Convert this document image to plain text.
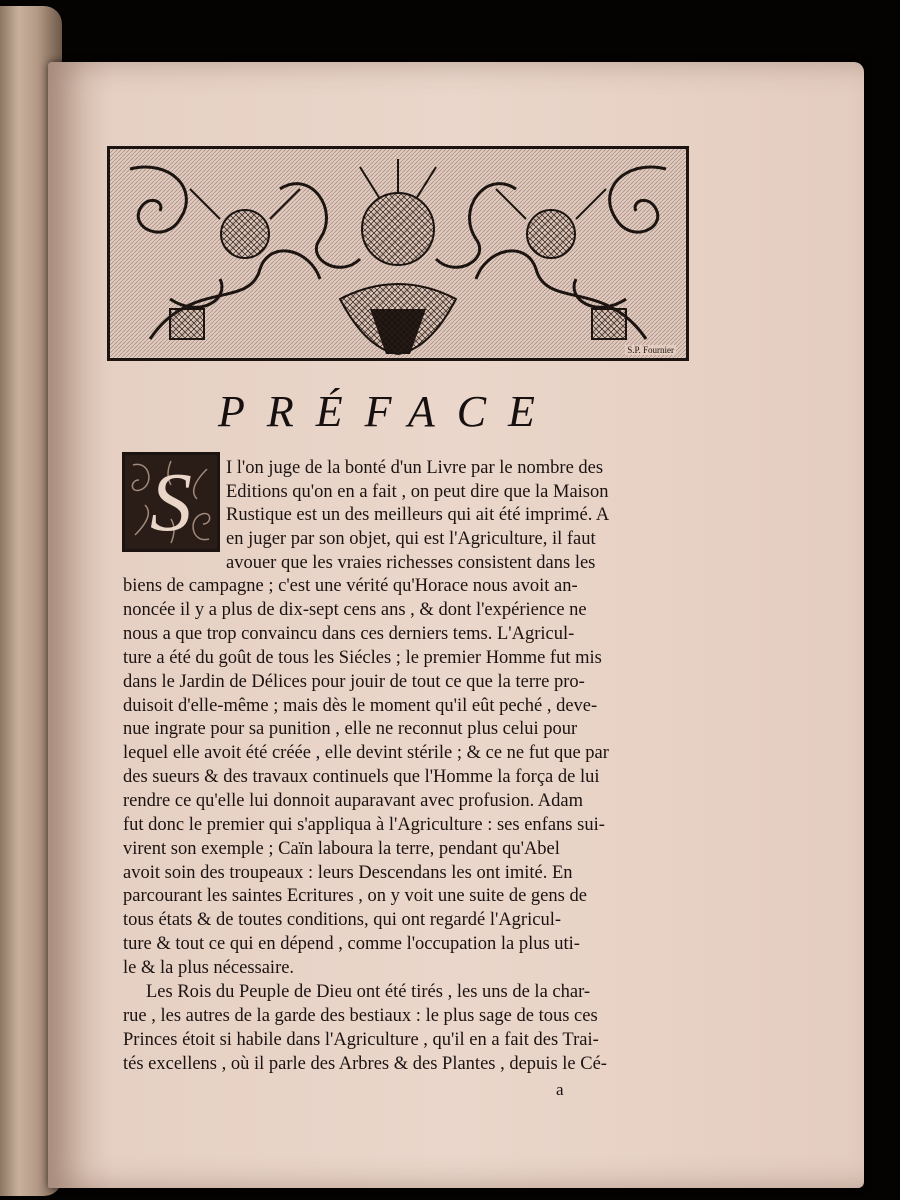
S.P. Fournier
PRÉFACE
S	I l'on juge de la bonté d'un Livre par le nombre des
Editions qu'on en a fait , on peut dire que la Maison
Rustique est un des meilleurs qui ait été imprimé. A
en juger par son objet, qui est l'Agriculture, il faut
avouer que les vraies richesses consistent dans les
biens de campagne ; c'est une vérité qu'Horace nous avoit an-
noncée il y a plus de dix-sept cens ans , & dont l'expérience ne
nous a que trop convaincu dans ces derniers tems. L'Agricul-
ture a été du goût de tous les Siécles ; le premier Homme fut mis
dans le Jardin de Délices pour jouir de tout ce que la terre pro-
duisoit d'elle-même ; mais dès le moment qu'il eût peché , deve-
nue ingrate pour sa punition , elle ne reconnut plus celui pour
lequel elle avoit été créée , elle devint stérile ; & ce ne fut que par
des sueurs & des travaux continuels que l'Homme la força de lui
rendre ce qu'elle lui donnoit auparavant avec profusion. Adam
fut donc le premier qui s'appliqua à l'Agriculture : ses enfans sui-
virent son exemple ; Caïn laboura la terre, pendant qu'Abel
avoit soin des troupeaux : leurs Descendans les ont imité. En
parcourant les saintes Ecritures , on y voit une suite de gens de
tous états & de toutes conditions, qui ont regardé l'Agricul-
ture & tout ce qui en dépend , comme l'occupation la plus uti-
le & la plus nécessaire.
Les Rois du Peuple de Dieu ont été tirés , les uns de la char-
rue , les autres de la garde des bestiaux : le plus sage de tous ces
Princes étoit si habile dans l'Agriculture , qu'il en a fait des Trai-
tés excellens , où il parle des Arbres & des Plantes , depuis le Cé-
a
